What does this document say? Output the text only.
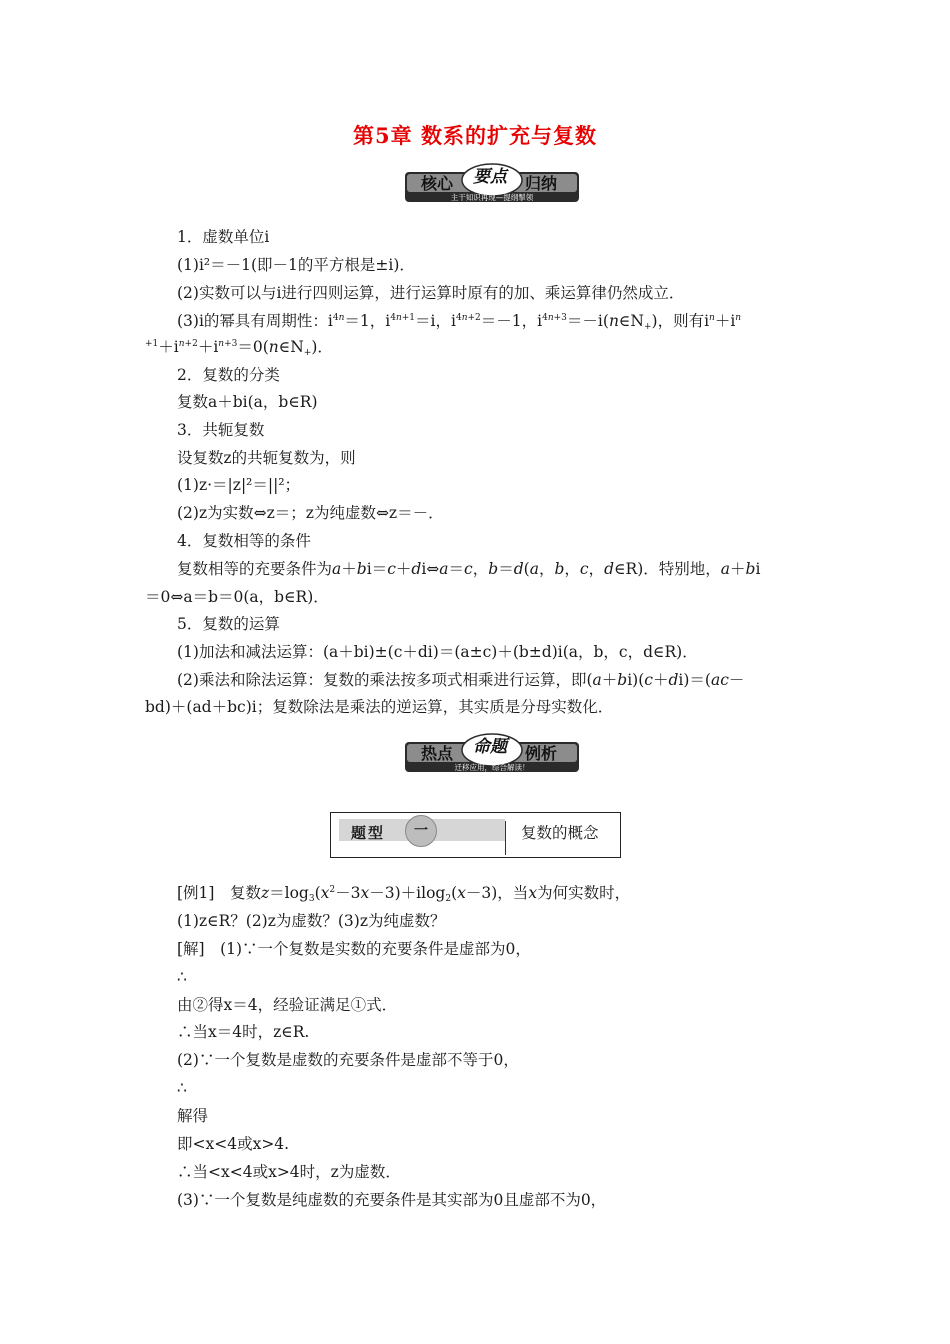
第5章 数系的扩充与复数
核心 要点 归纳
主干知识再现—提纲掣领
1．虚数单位i
(1)i²＝－1(即－1的平方根是±i)．
(2)实数可以与i进行四则运算，进行运算时原有的加、乘运算律仍然成立．
(3)i的幂具有周期性：$i^{4n}=1$，$i^{4n+1}=i$，$i^{4n+2}=-1$，$i^{4n+3}=-i(n\in N_+)$，则有$i^n+i^n$
$^{+1}+i^{n+2}+i^{n+3}=0(n\in N_+)$．
2．复数的分类
复数a＋bi(a，b∈R)
3．共轭复数
设复数z的共轭复数为，则
(1)z·＝|z|²＝||²；
(2)z为实数⇔z＝；z为纯虚数⇔z＝－．
4．复数相等的条件
复数相等的充要条件为a＋bi＝c＋di⇔a＝c，b＝d(a，b，c，d∈R)．特别地，a＋bi
＝0⇔a＝b＝0(a，b∈R)．
5．复数的运算
(1)加法和减法运算：(a＋bi)±(c＋di)＝(a±c)＋(b±d)i(a，b，c，d∈R)．
(2)乘法和除法运算：复数的乘法按多项式相乘进行运算，即(a＋bi)(c＋di)＝(ac－
bd)＋(ad＋bc)i；复数除法是乘法的逆运算，其实质是分母实数化．
热点 命题 例析
迁移应用，综合解读！
题型	一	复数的概念
[例1]　复数$z=\log_3(x^2-3x-3)+ilog_2(x-3)$，当x为何实数时，
(1)z∈R？(2)z为虚数？(3)z为纯虚数？
[解]　(1)∵一个复数是实数的充要条件是虚部为0，
∴
由②得x＝4，经验证满足①式．
∴当x＝4时，z∈R.
(2)∵一个复数是虚数的充要条件是虚部不等于0，
∴
解得
即<x<4或x>4.
∴当<x<4或x>4时，z为虚数．
(3)∵一个复数是纯虚数的充要条件是其实部为0且虚部不为0，
